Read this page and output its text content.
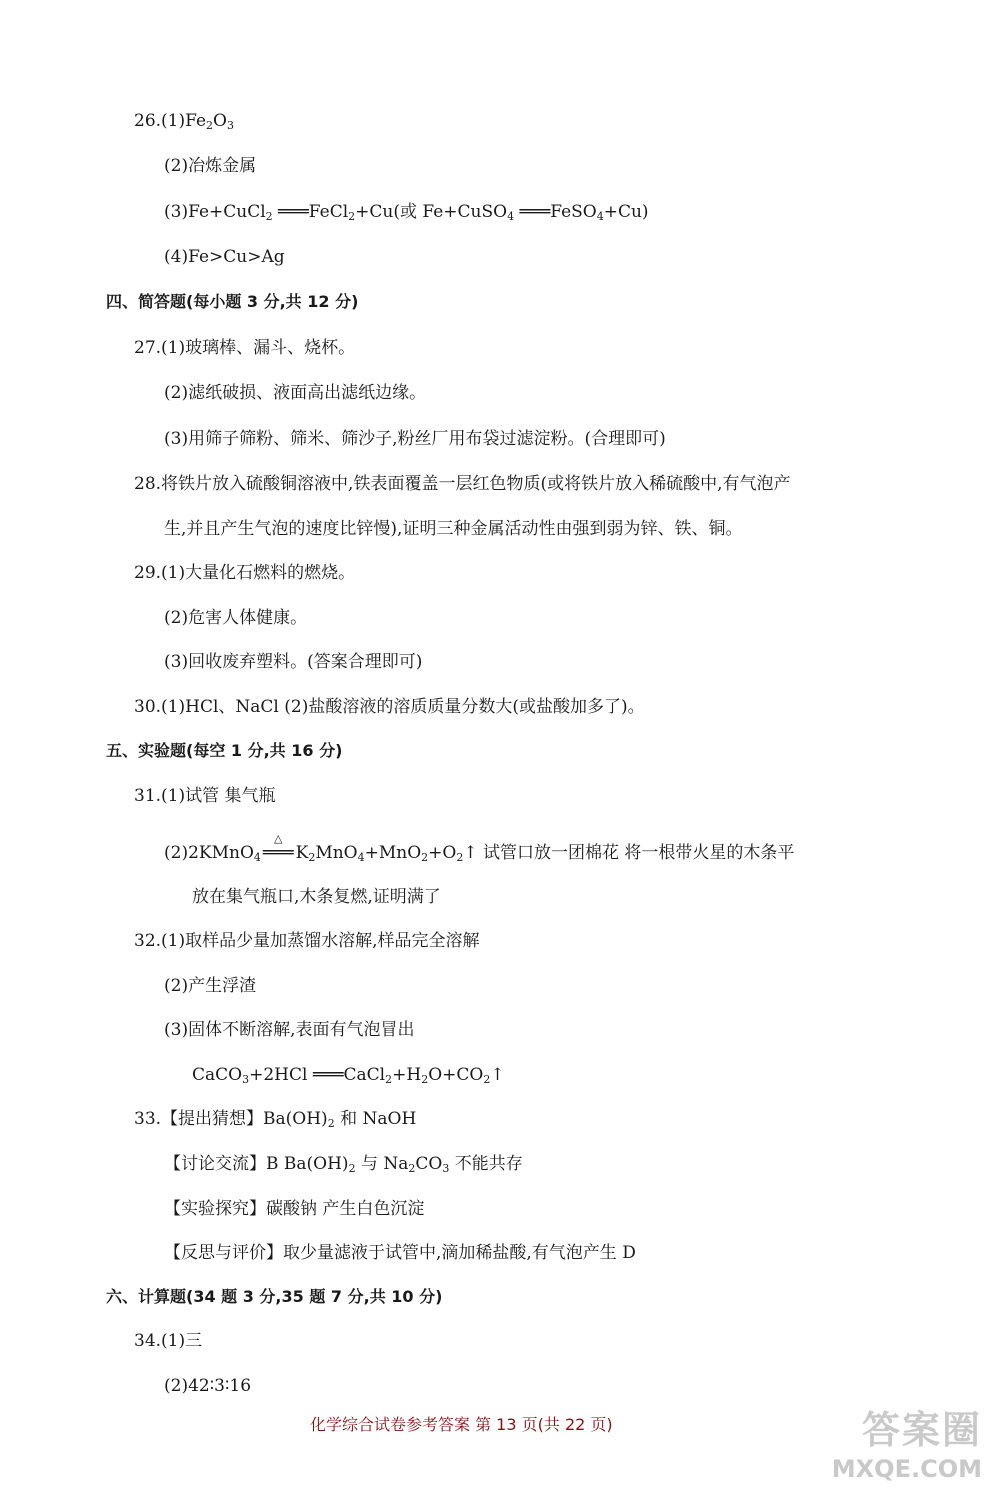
$26.(1)Fe_2O_3$
(2)冶炼金属
(3)Fe+CuCl$_2$ ═══FeCl$_2$+Cu(或 Fe+CuSO$_4$ ═══FeSO$_4$+Cu)
(4)Fe>Cu>Ag
四、简答题(每小题 3 分,共 12 分)
27.(1)玻璃棒、漏斗、烧杯。
(2)滤纸破损、液面高出滤纸边缘。
(3)用筛子筛粉、筛米、筛沙子,粉丝厂用布袋过滤淀粉。(合理即可)
28.将铁片放入硫酸铜溶液中,铁表面覆盖一层红色物质(或将铁片放入稀硫酸中,有气泡产
生,并且产生气泡的速度比锌慢),证明三种金属活动性由强到弱为锌、铁、铜。
29.(1)大量化石燃料的燃烧。
(2)危害人体健康。
(3)回收废弃塑料。(答案合理即可)
30.(1)HCl、NaCl (2)盐酸溶液的溶质质量分数大(或盐酸加多了)。
五、实验题(每空 1 分,共 16 分)
31.(1)试管 集气瓶
(2)2KMnO$_4$
△
═══ $K_2MnO_4+MnO_2+O_2↑$ 试管口放一团棉花 将一根带火星的木条平
放在集气瓶口,木条复燃,证明满了
32.(1)取样品少量加蒸馏水溶解,样品完全溶解
(2)产生浮渣
(3)固体不断溶解,表面有气泡冒出
CaCO$_3$+2HCl $═══CaCl_2+H_2O+CO_2↑$
33.【提出猜想】$Ba(OH)_2$ 和 NaOH
【讨论交流】B $Ba(OH)_2$ 与 $Na_2CO_3$ 不能共存
【实验探究】碳酸钠 产生白色沉淀
【反思与评价】取少量滤液于试管中,滴加稀盐酸,有气泡产生 D
六、计算题(34 题 3 分,35 题 7 分,共 10 分)
34.(1)三
(2)42∶3∶16
化学综合试卷参考答案 第 13 页(共 22 页)	答案圈
MXQE.COM
